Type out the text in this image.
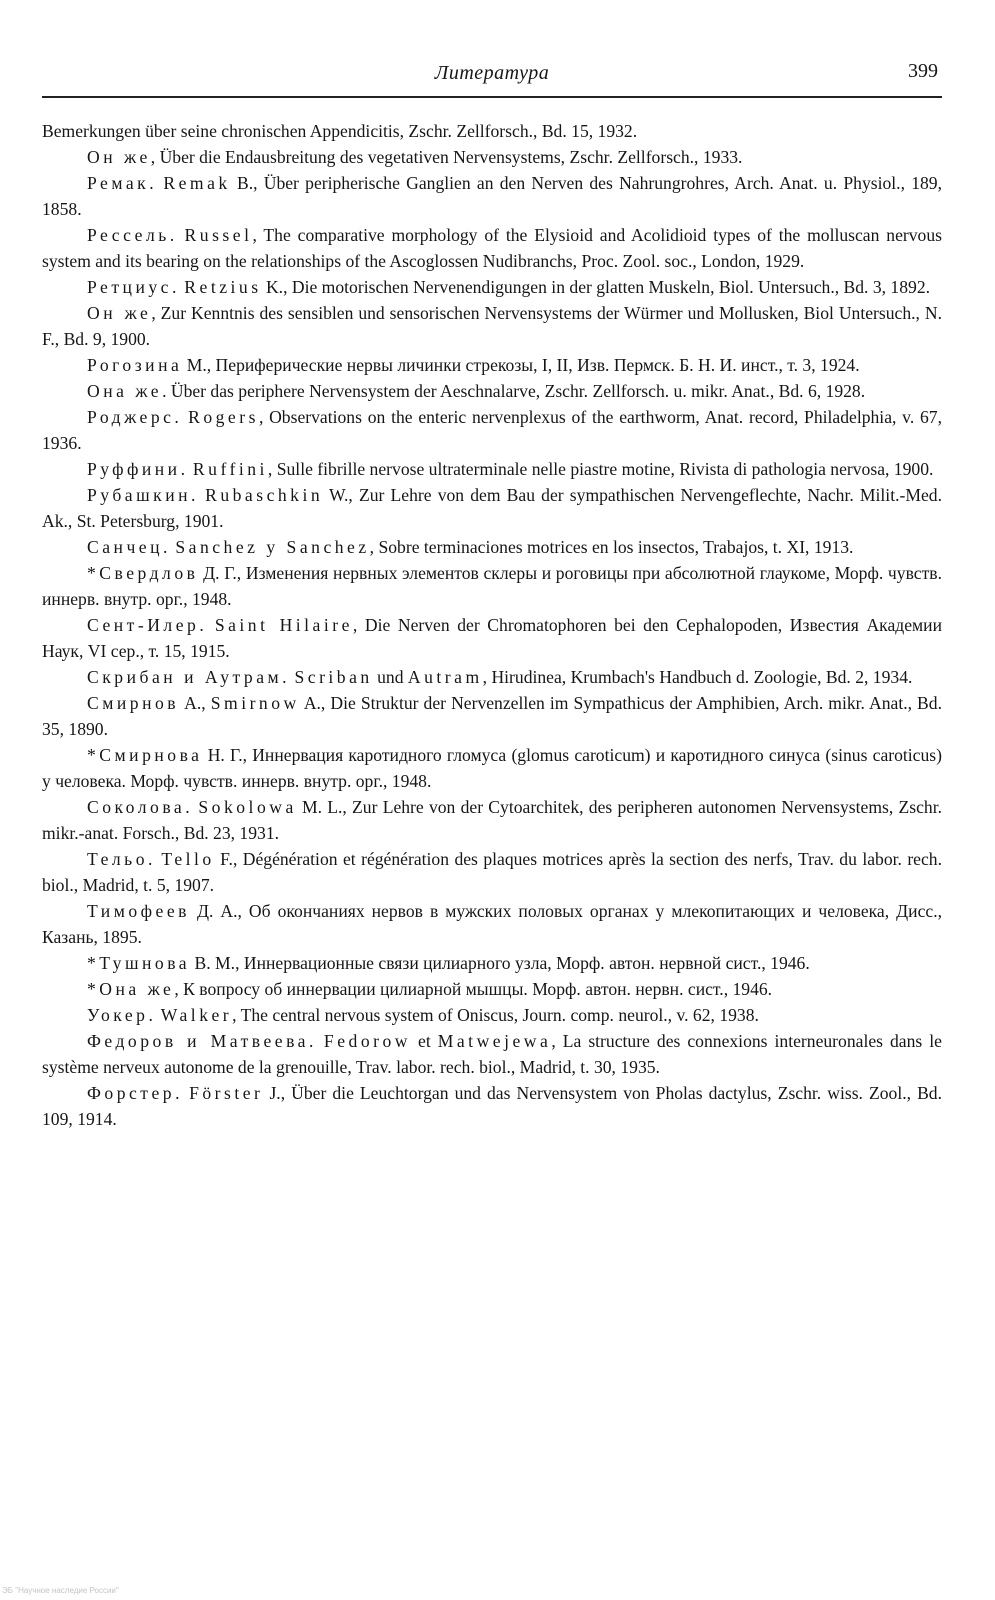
Литература	399

Bemerkungen über seine chronischen Appendicitis, Zschr. Zellforsch., Bd. 15, 1932.

Он же, Über die Endausbreitung des vegetativen Nervensystems, Zschr. Zellforsch., 1933.

Ремак. Remak B., Über peripherische Ganglien an den Nerven des Nahrungrohres, Arch. Anat. u. Physiol., 189, 1858.

Рессель. Russel, The comparative morphology of the Elysioid and Acolidioid types of the molluscan nervous system and its bearing on the relationships of the Ascoglossen Nudibranchs, Proc. Zool. soc., London, 1929.

Ретциус. Retzius K., Die motorischen Nervenendigungen in der glatten Muskeln, Biol. Untersuch., Bd. 3, 1892.

Он же, Zur Kenntnis des sensiblen und sensorischen Nervensystems der Würmer und Mollusken, Biol Untersuch., N. F., Bd. 9, 1900.

Рогозина М., Периферические нервы личинки стрекозы, I, II, Изв. Пермск. Б. Н. И. инст., т. 3, 1924.

Она же. Über das periphere Nervensystem der Aeschnalarve, Zschr. Zellforsch. u. mikr. Anat., Bd. 6, 1928.

Роджерс. Rogers, Observations on the enteric nervenplexus of the earthworm, Anat. record, Philadelphia, v. 67, 1936.

Руффини. Ruffini, Sulle fibrille nervose ultraterminale nelle piastre motine, Rivista di pathologia nervosa, 1900.

Рубашкин. Rubaschkin W., Zur Lehre von dem Bau der sympathischen Nervengeflechte, Nachr. Milit.-Med. Ak., St. Petersburg, 1901.

Санчец. Sanchez y Sanchez, Sobre terminaciones motrices en los insectos, Trabajos, t. XI, 1913.

*Свердлов Д. Г., Изменения нервных элементов склеры и роговицы при абсолютной глаукоме, Морф. чувств. иннерв. внутр. орг., 1948.

Сент-Илер. Saint Hilaire, Die Nerven der Chromatophoren bei den Cephalopoden, Известия Академии Наук, VI сер., т. 15, 1915.

Скрибан и Аутрам. Scriban und Autram, Hirudinea, Krumbach's Handbuch d. Zoologie, Bd. 2, 1934.

Смирнов А., Smirnow A., Die Struktur der Nervenzellen im Sympathicus der Amphibien, Arch. mikr. Anat., Bd. 35, 1890.

*Смирнова Н. Г., Иннервация каротидного гломуса (glomus caroticum) и каротидного синуса (sinus caroticus) у человека. Морф. чувств. иннерв. внутр. орг., 1948.

Соколова. Sokolowa M. L., Zur Lehre von der Cytoarchitek, des peripheren autonomen Nervensystems, Zschr. mikr.-anat. Forsch., Bd. 23, 1931.

Тельо. Tello F., Dégénération et régénération des plaques motrices après la section des nerfs, Trav. du labor. rech. biol., Madrid, t. 5, 1907.

Тимофеев Д. А., Об окончаниях нервов в мужских половых органах у млекопитающих и человека, Дисс., Казань, 1895.

*Тушнова В. М., Иннервационные связи цилиарного узла, Морф. автон. нервной сист., 1946.

*Она же, К вопросу об иннервации цилиарной мышцы. Морф. автон. нервн. сист., 1946.

Уокер. Walker, The central nervous system of Oniscus, Journ. comp. neurol., v. 62, 1938.

Федоров и Матвеева. Fedorow et Matwejewa, La structure des connexions interneuronales dans le système nerveux autonome de la grenouille, Trav. labor. rech. biol., Madrid, t. 30, 1935.

Форстер. Förster J., Über die Leuchtorgan und das Nervensystem von Pholas dactylus, Zschr. wiss. Zool., Bd. 109, 1914.

ЭБ "Научное наследие России"
